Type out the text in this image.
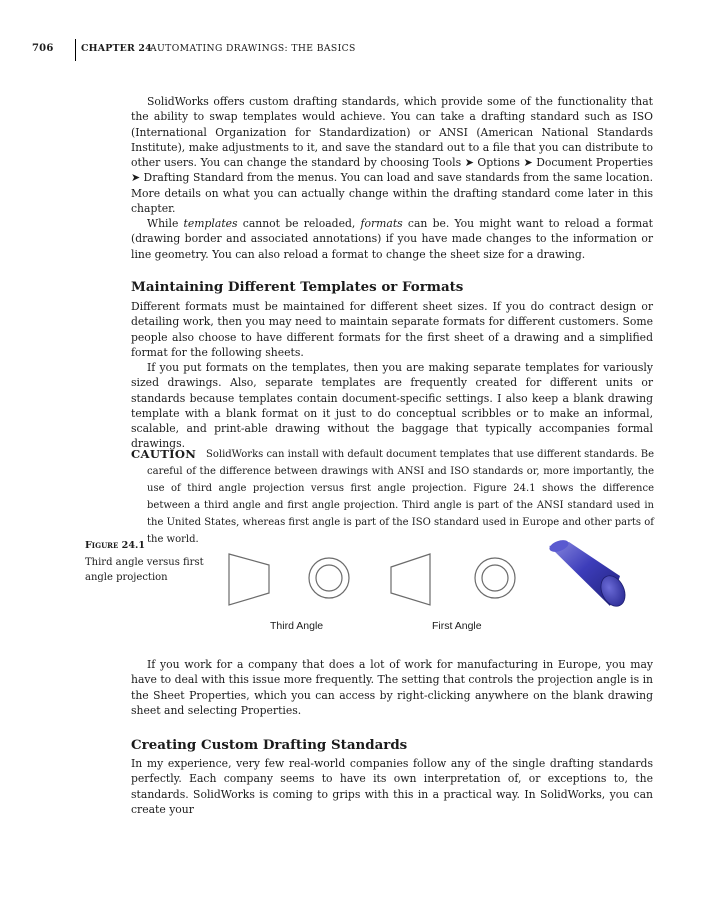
706	CHAPTER 24
AUTOMATING DRAWINGS: THE BASICS

SolidWorks offers custom drafting standards, which provide some of the functionality that the ability to swap templates would achieve. You can take a drafting standard such as ISO (International Organization for Standardization) or ANSI (American National Standards Institute), make adjustments to it, and save the standard out to a file that you can distribute to other users. You can change the standard by choosing Tools ➤ Options ➤ Document Properties ➤ Drafting Standard from the menus. You can load and save standards from the same location. More details on what you can actually change within the drafting standard come later in this chapter.

While templates cannot be reloaded, formats can be. You might want to reload a format (drawing border and associated annotations) if you have made changes to the information or line geometry. You can also reload a format to change the sheet size for a drawing.

Maintaining Different Templates or Formats

Different formats must be maintained for different sheet sizes. If you do contract design or detailing work, then you may need to maintain separate formats for different customers. Some people also choose to have different formats for the first sheet of a drawing and a simplified format for the following sheets.

If you put formats on the templates, then you are making separate templates for variously sized drawings. Also, separate templates are frequently created for different units or standards because templates contain document-specific settings. I also keep a blank drawing template with a blank format on it just to do conceptual scribbles or to make an informal, scalable, and print-able drawing without the baggage that typically accompanies formal drawings.

CAUTION SolidWorks can install with default document templates that use different standards. Be careful of the difference between drawings with ANSI and ISO standards or, more importantly, the use of third angle projection versus first angle projection. Figure 24.1 shows the difference between a third angle and first angle projection. Third angle is part of the ANSI standard used in the United States, whereas first angle is part of the ISO standard used in Europe and other parts of the world.
Figure 24.1
Third angle versus first angle projection
Third Angle	First Angle

If you work for a company that does a lot of work for manufacturing in Europe, you may have to deal with this issue more frequently. The setting that controls the projection angle is in the Sheet Properties, which you can access by right-clicking anywhere on the blank drawing sheet and selecting Properties.

Creating Custom Drafting Standards

In my experience, very few real-world companies follow any of the single drafting standards perfectly. Each company seems to have its own interpretation of, or exceptions to, the standards. SolidWorks is coming to grips with this in a practical way. In SolidWorks, you can create your
